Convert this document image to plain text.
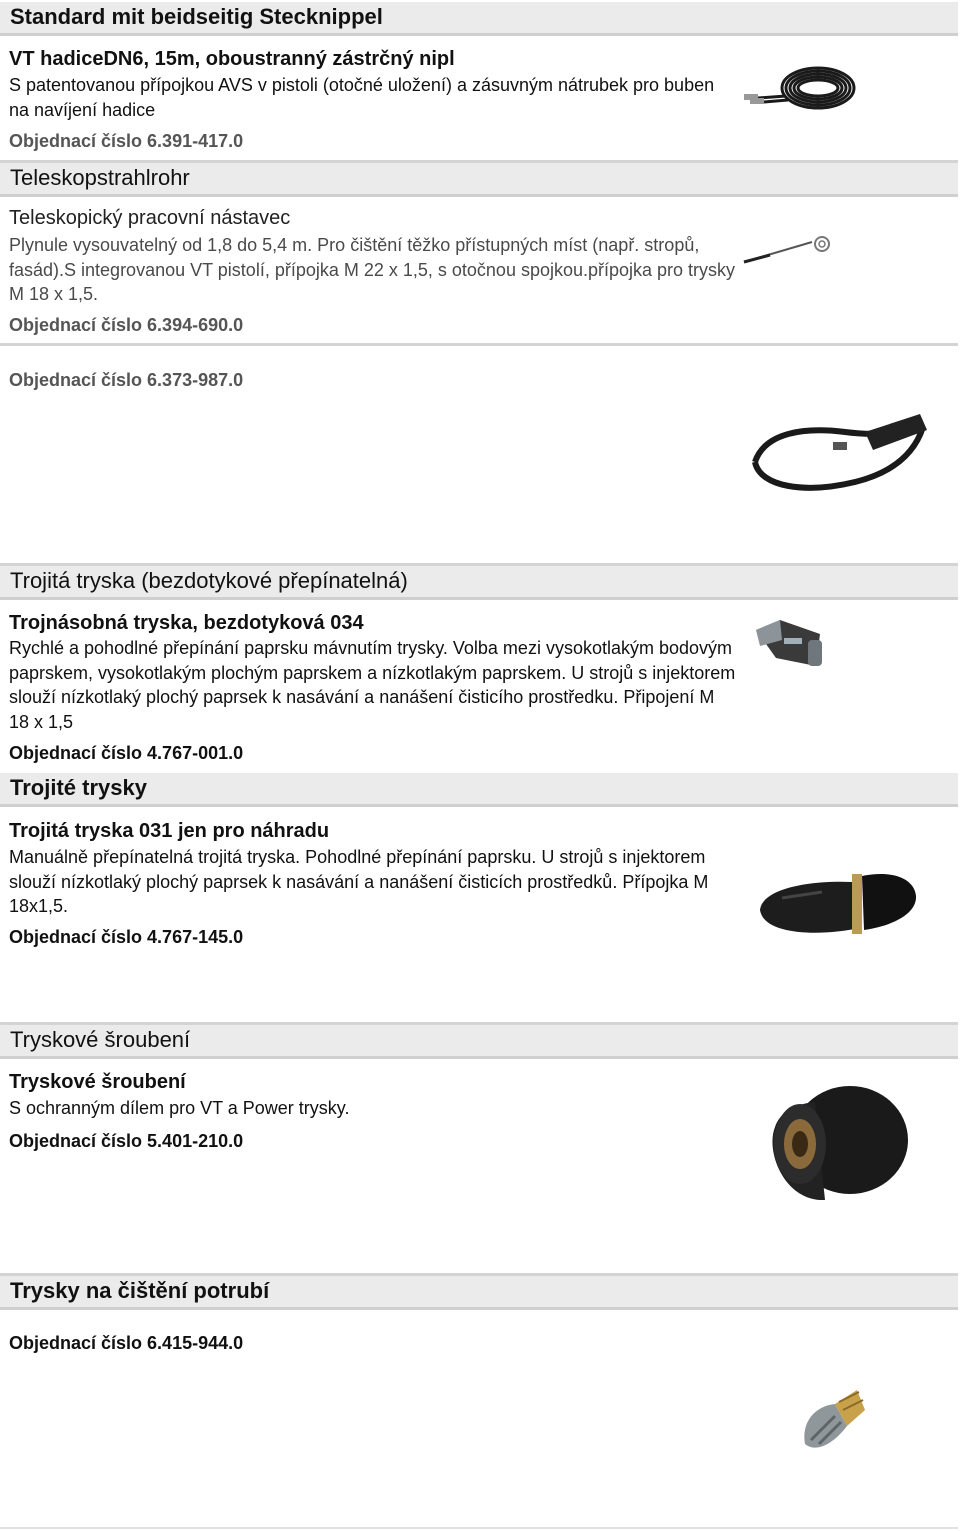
Standard mit beidseitig Stecknippel
VT hadiceDN6, 15m, oboustranný zástrčný nipl
S patentovanou přípojkou AVS v pistoli (otočné uložení) a zásuvným nátrubek pro buben na navíjení hadice
Objednací číslo 6.391-417.0
Teleskopstrahlrohr
Teleskopický pracovní nástavec
Plynule vysouvatelný od 1,8 do 5,4 m. Pro čištění těžko přístupných míst (např. stropů, fasád).S integrovanou VT pistolí, přípojka M 22 x 1,5, s otočnou spojkou.přípojka pro trysky M 18 x 1,5.
Objednací číslo 6.394-690.0
Objednací číslo 6.373-987.0
Trojitá tryska (bezdotykové přepínatelná)
Trojnásobná tryska, bezdotyková 034
Rychlé a pohodlné přepínání paprsku mávnutím trysky. Volba mezi vysokotlakým bodovým paprskem, vysokotlakým plochým paprskem a nízkotlakým paprskem. U strojů s injektorem slouží nízkotlaký plochý paprsek k nasávání a nanášení čisticího prostředku. Připojení M 18 x 1,5
Objednací číslo 4.767-001.0
Trojité trysky
Trojitá tryska 031 jen pro náhradu
Manuálně přepínatelná trojitá tryska. Pohodlné přepínání paprsku. U strojů s injektorem slouží nízkotlaký plochý paprsek k nasávání a nanášení čisticích prostředků. Přípojka M 18x1,5.
Objednací číslo 4.767-145.0
Tryskové šroubení
Tryskové šroubení
S ochranným dílem pro VT a Power trysky.
Objednací číslo 5.401-210.0
Trysky na čištění potrubí
Objednací číslo 6.415-944.0
